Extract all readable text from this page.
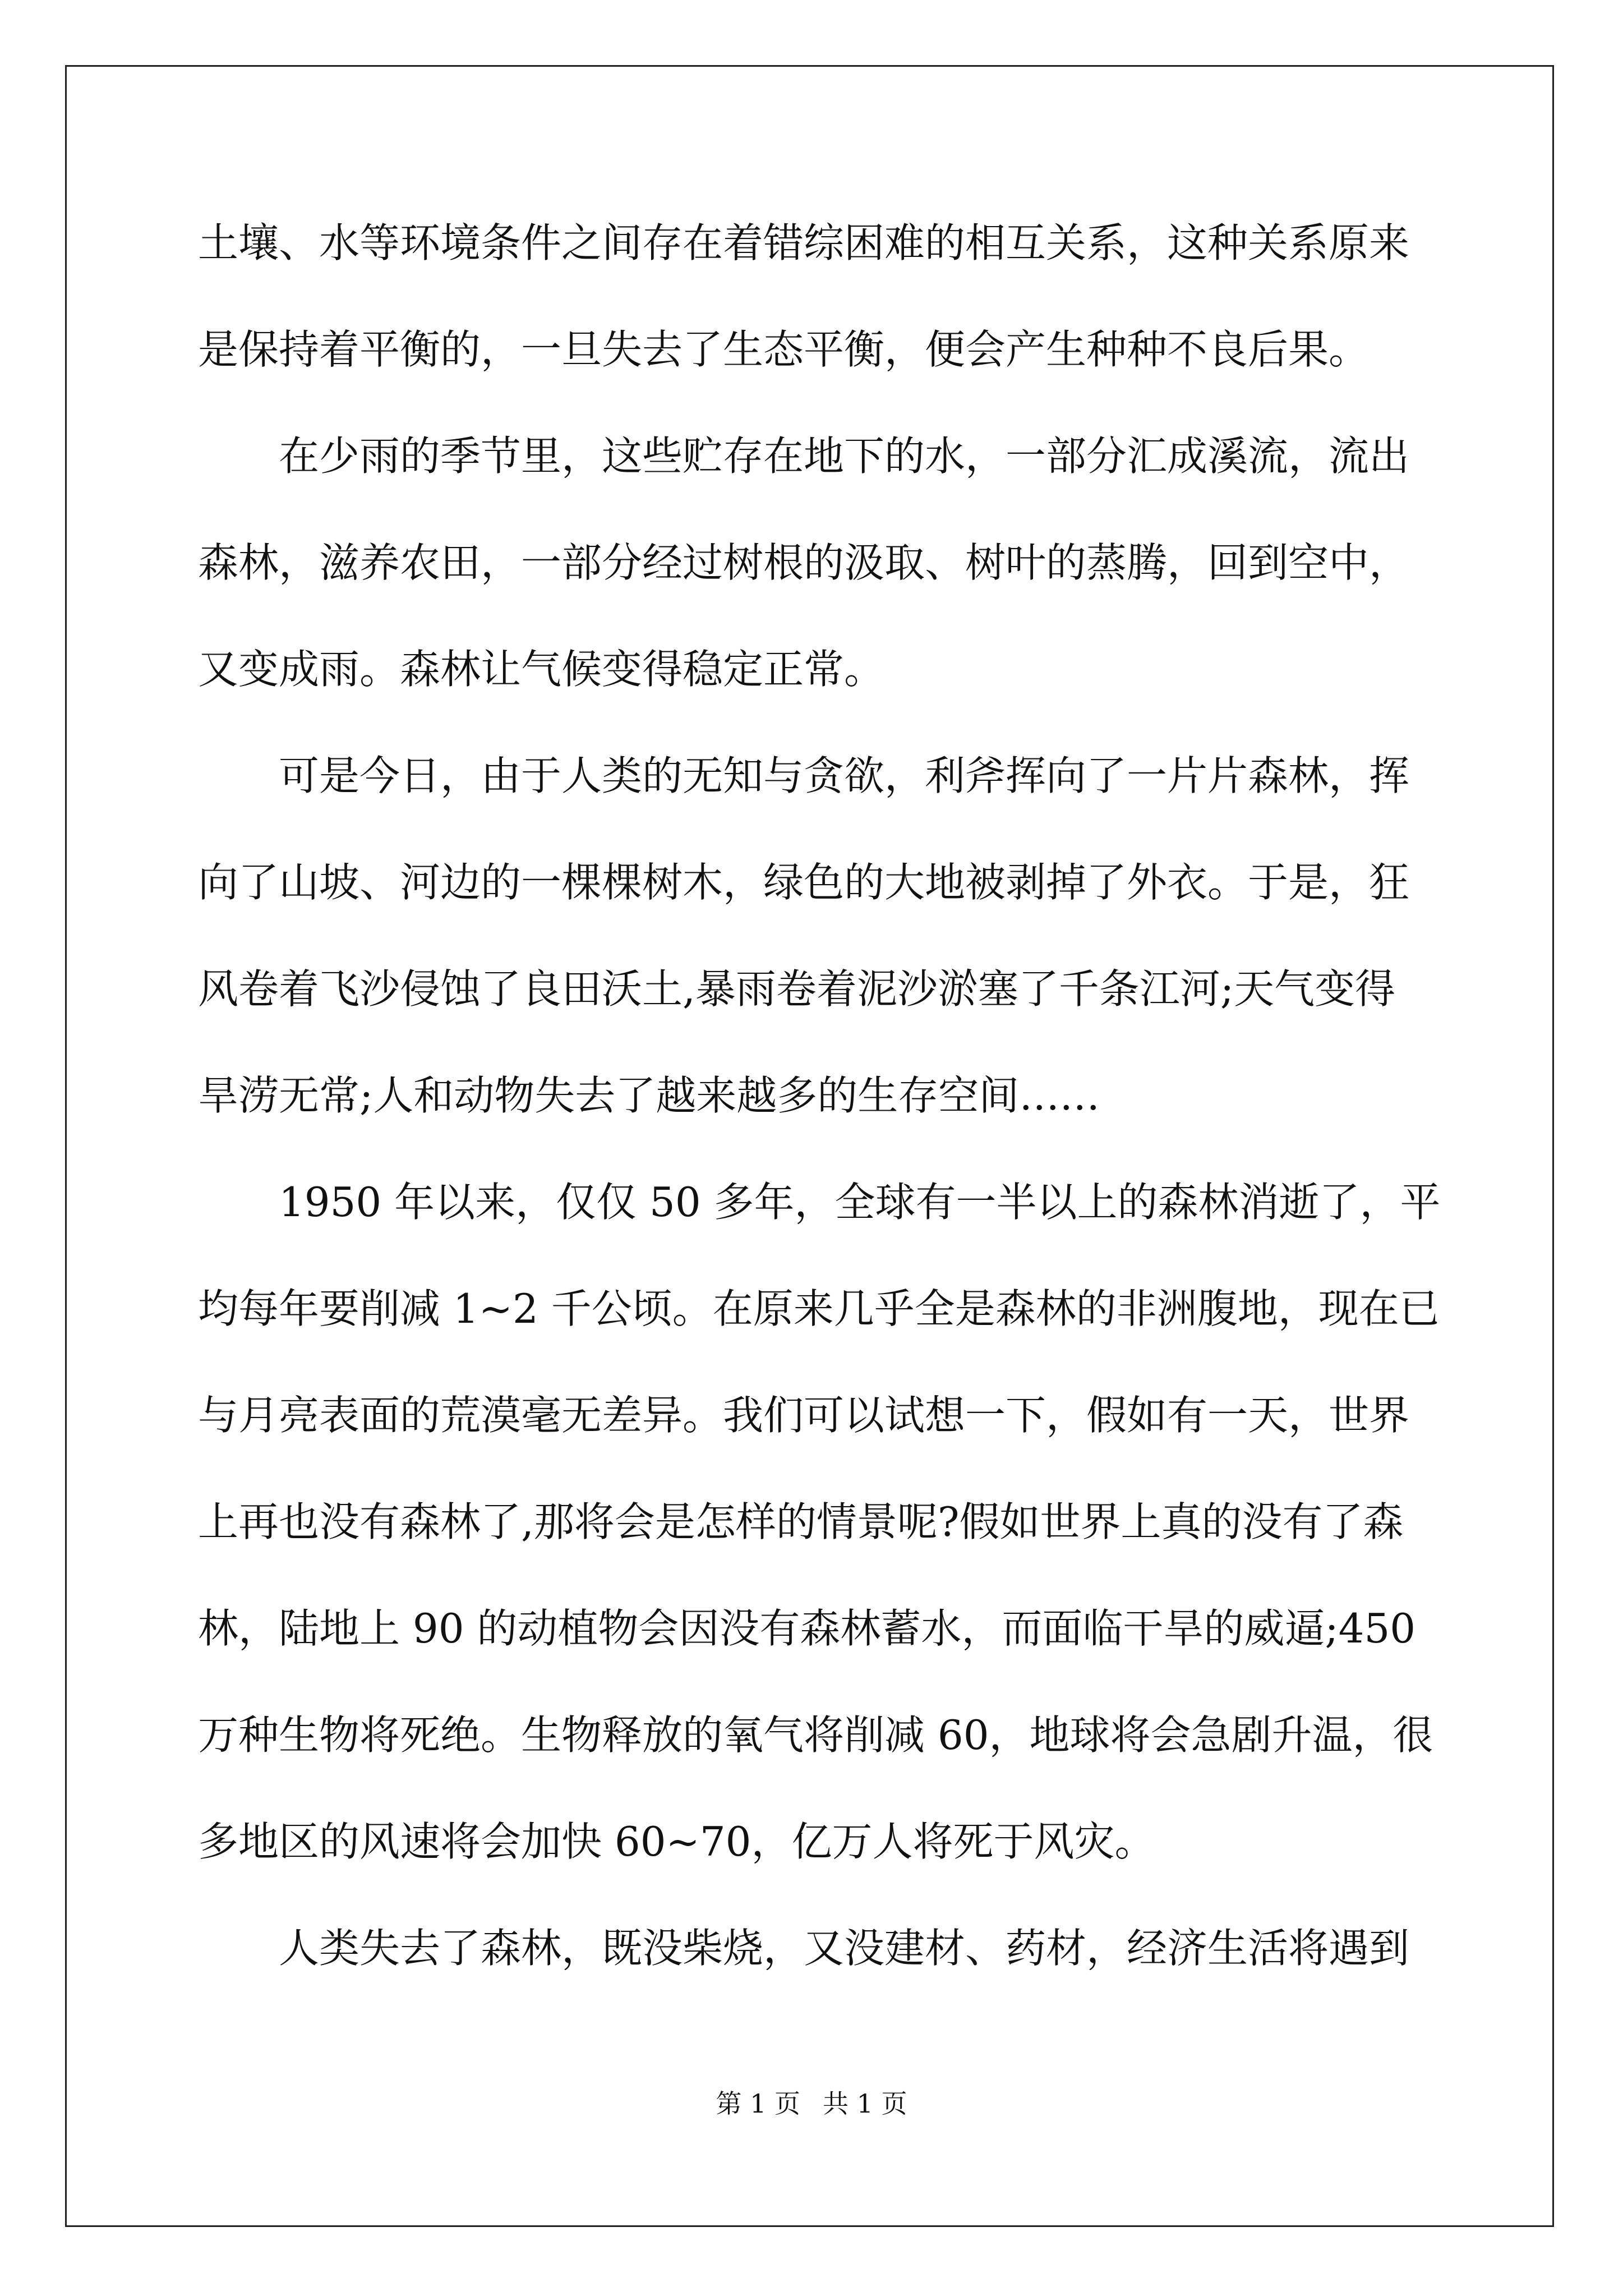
土壤、水等环境条件之间存在着错综困难的相互关系，这种关系原来
是保持着平衡的，一旦失去了生态平衡，便会产生种种不良后果。
在少雨的季节里，这些贮存在地下的水，一部分汇成溪流，流出
森林，滋养农田，一部分经过树根的汲取、树叶的蒸腾，回到空中，
又变成雨。森林让气候变得稳定正常。
可是今日，由于人类的无知与贪欲，利斧挥向了一片片森林，挥
向了山坡、河边的一棵棵树木，绿色的大地被剥掉了外衣。于是，狂
风卷着飞沙侵蚀了良田沃土,暴雨卷着泥沙淤塞了千条江河;天气变得
旱涝无常;人和动物失去了越来越多的生存空间……
1950 年以来，仅仅 50 多年，全球有一半以上的森林消逝了，平
均每年要削减 1~2 千公顷。在原来几乎全是森林的非洲腹地，现在已
与月亮表面的荒漠毫无差异。我们可以试想一下，假如有一天，世界
上再也没有森林了,那将会是怎样的情景呢?假如世界上真的没有了森
林，陆地上 90 的动植物会因没有森林蓄水，而面临干旱的威逼;450
万种生物将死绝。生物释放的氧气将削减 60，地球将会急剧升温，很
多地区的风速将会加快 60~70，亿万人将死于风灾。
人类失去了森林，既没柴烧，又没建材、药材，经济生活将遇到
第 1 页 共 1 页
